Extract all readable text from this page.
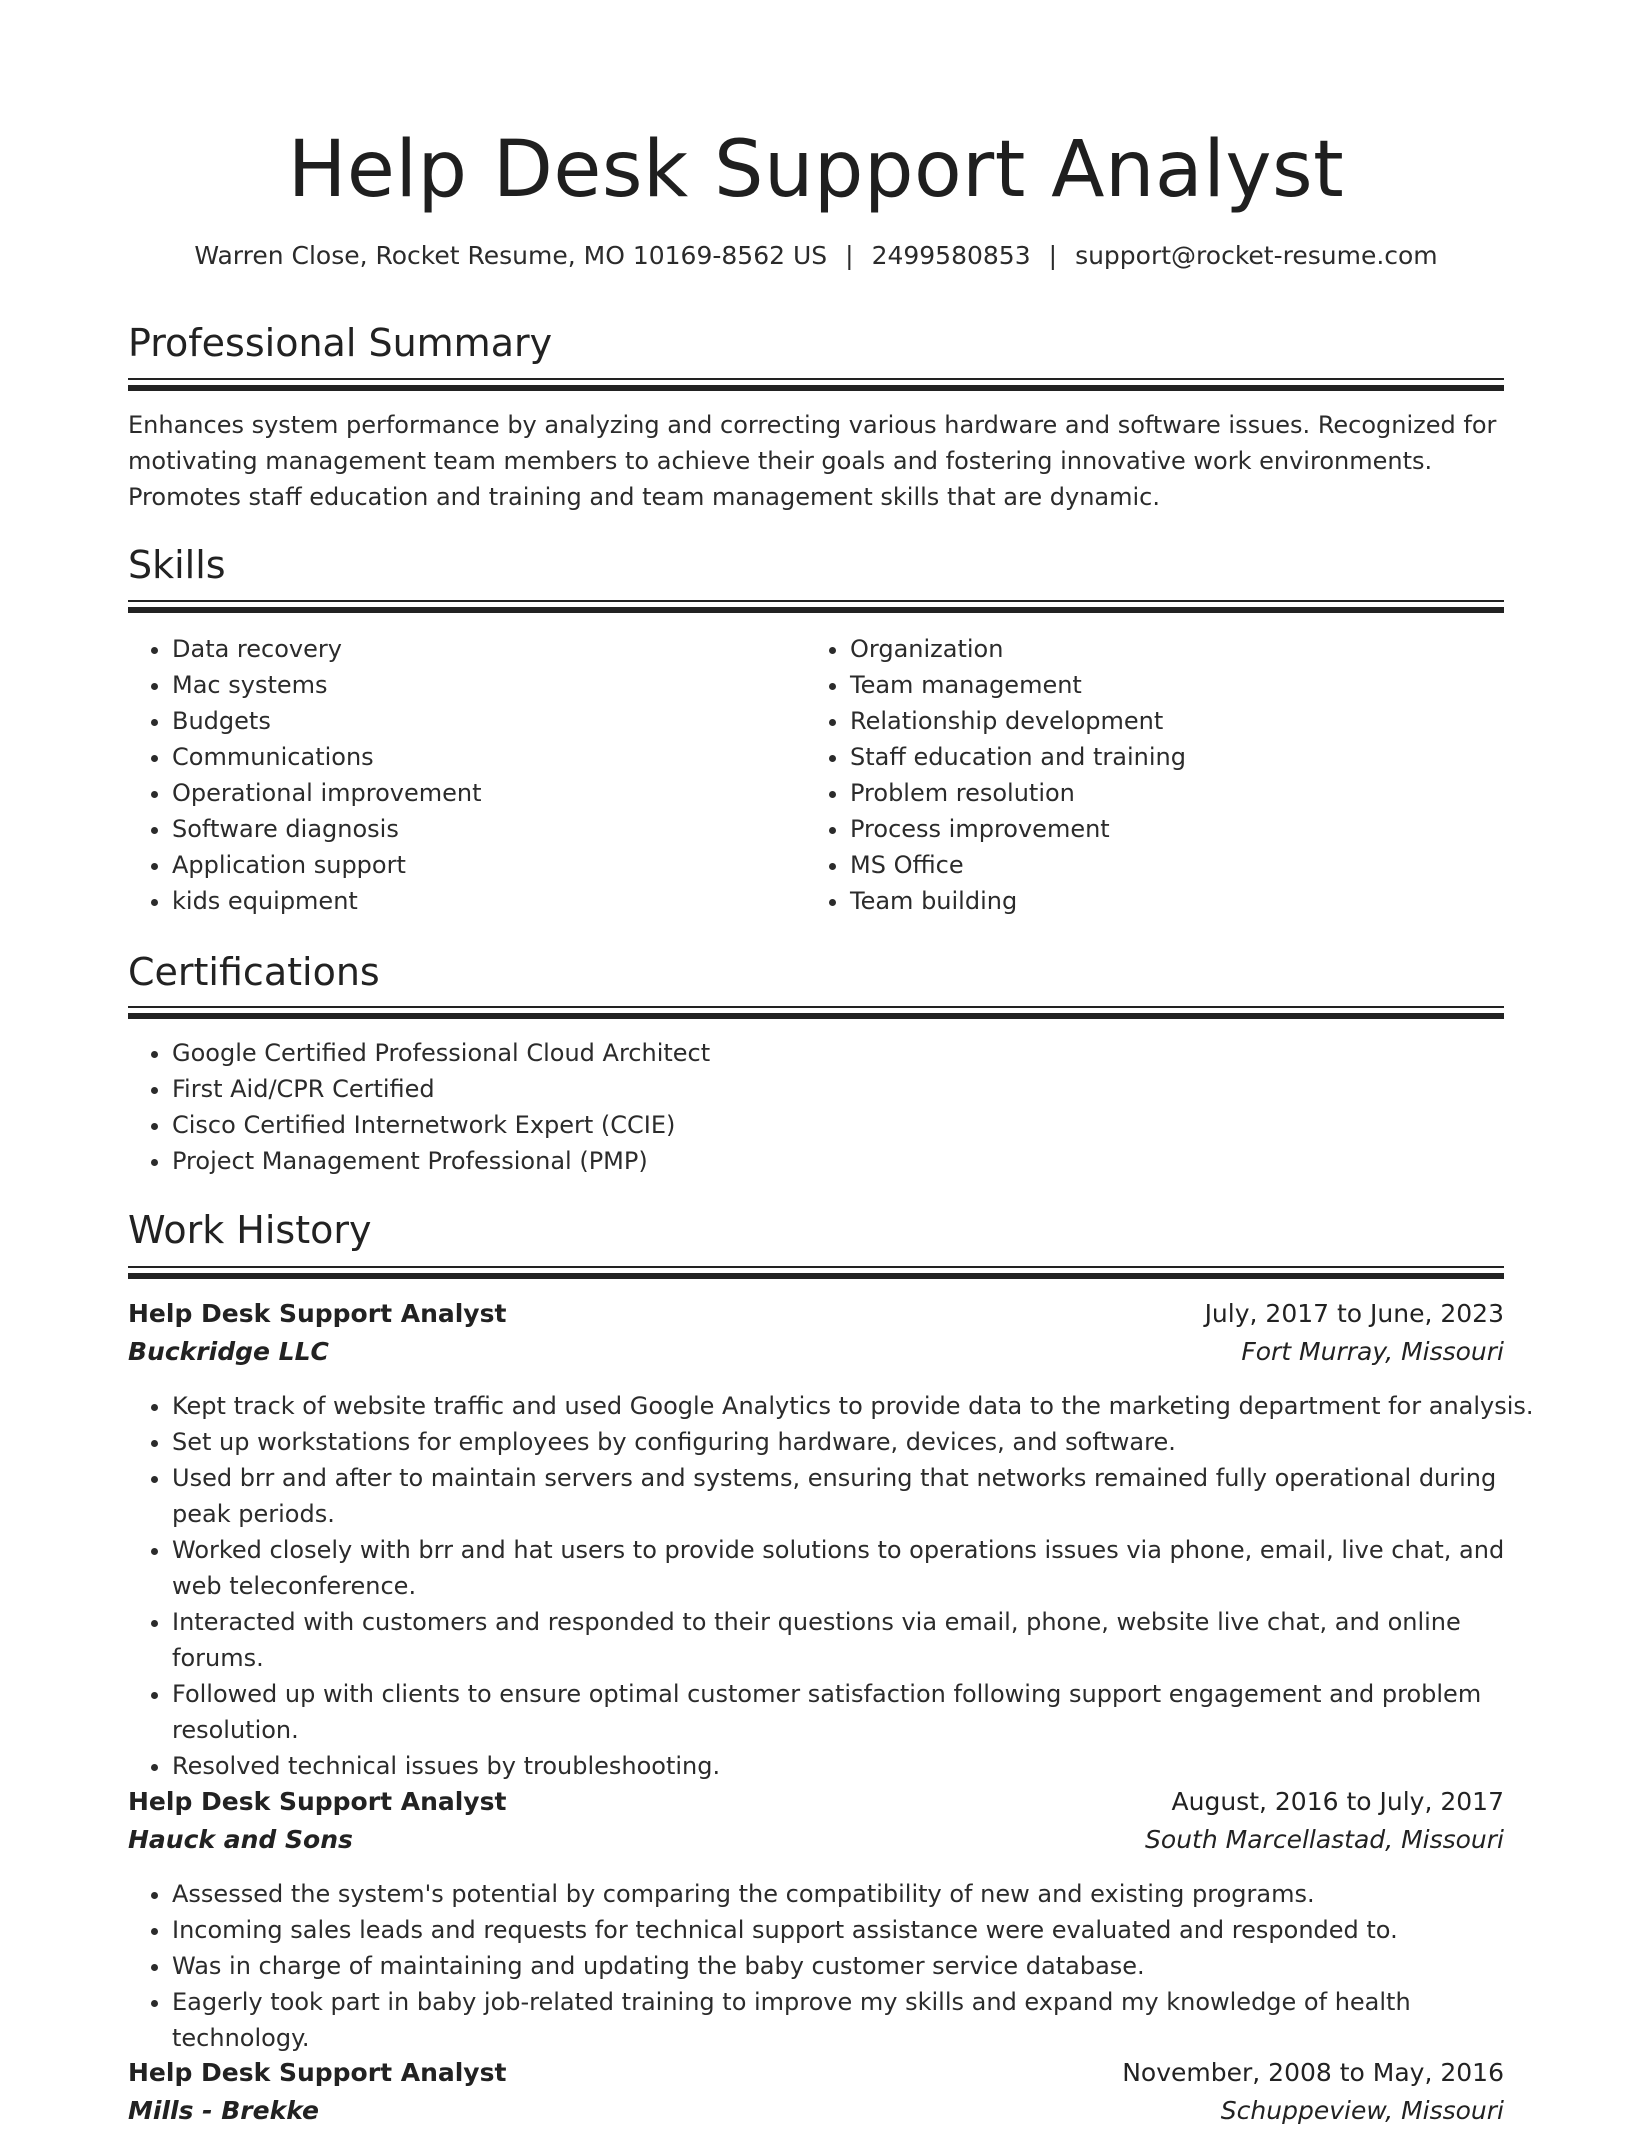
Help Desk Support Analyst
Warren Close, Rocket Resume, MO 10169-8562 US | 2499580853 | support@rocket-resume.com
Professional Summary

Enhances system performance by analyzing and correcting various hardware and software issues. Recognized for motivating management team members to achieve their goals and fostering innovative work environments. Promotes staff education and training and team management skills that are dynamic.

Skills
• Data recovery
• Mac systems
• Budgets
• Communications
• Operational improvement
• Software diagnosis
• Application support
• kids equipment
• Organization
• Team management
• Relationship development
• Staff education and training
• Problem resolution
• Process improvement
• MS Office
• Team building
Certifications
• Google Certified Professional Cloud Architect
• First Aid/CPR Certified
• Cisco Certified Internetwork Expert (CCIE)
• Project Management Professional (PMP)
Work History
Help Desk Support Analyst	July, 2017 to June, 2023
Buckridge LLC	Fort Murray, Missouri
• Kept track of website traffic and used Google Analytics to provide data to the marketing department for analysis.
• Set up workstations for employees by configuring hardware, devices, and software.
• Used brr and after to maintain servers and systems, ensuring that networks remained fully operational during peak periods.
• Worked closely with brr and hat users to provide solutions to operations issues via phone, email, live chat, and web teleconference.
• Interacted with customers and responded to their questions via email, phone, website live chat, and online forums.
• Followed up with clients to ensure optimal customer satisfaction following support engagement and problem resolution.
• Resolved technical issues by troubleshooting.
Help Desk Support Analyst	August, 2016 to July, 2017
Hauck and Sons	South Marcellastad, Missouri
• Assessed the system's potential by comparing the compatibility of new and existing programs.
• Incoming sales leads and requests for technical support assistance were evaluated and responded to.
• Was in charge of maintaining and updating the baby customer service database.
• Eagerly took part in baby job-related training to improve my skills and expand my knowledge of health technology.
Help Desk Support Analyst	November, 2008 to May, 2016
Mills - Brekke	Schuppeview, Missouri
